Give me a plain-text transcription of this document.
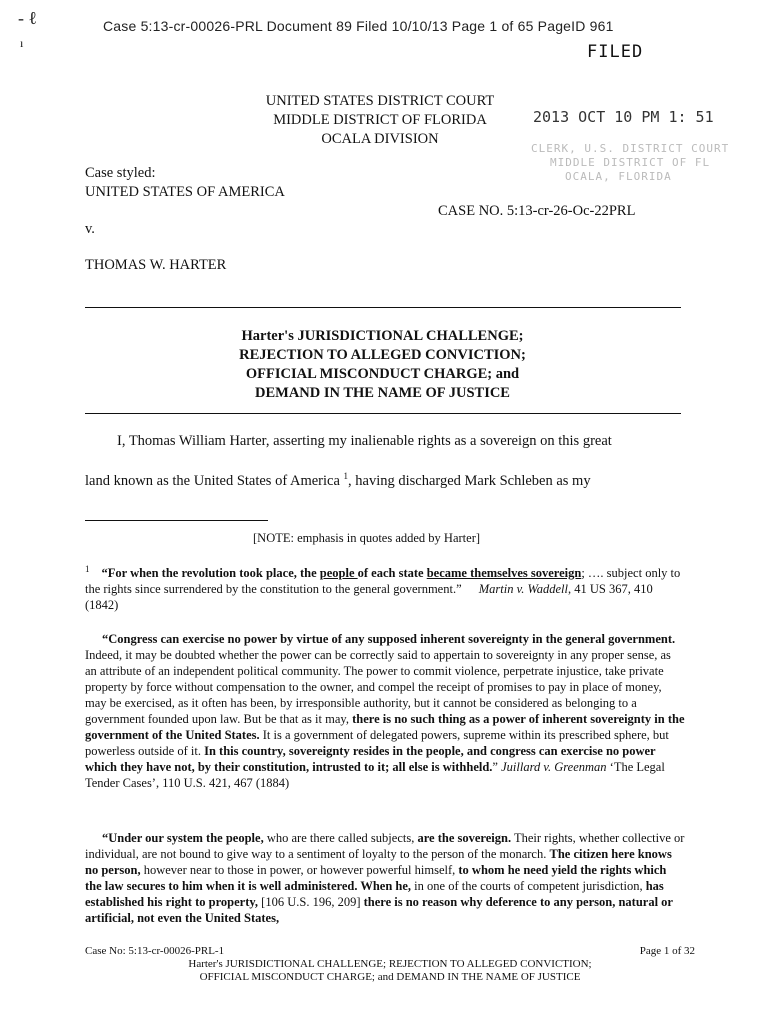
- ℓ
ı
Case 5:13-cr-00026-PRL Document 89 Filed 10/10/13 Page 1 of 65 PageID 961
FILED
2013 OCT 10 PM 1: 51
CLERK, U.S. DISTRICT COURT
MIDDLE DISTRICT OF FL
OCALA, FLORIDA
UNITED STATES DISTRICT COURT
MIDDLE DISTRICT OF FLORIDA
OCALA DIVISION
Case styled:
UNITED STATES OF AMERICA
CASE NO. 5:13-cr-26-Oc-22PRL
v.
THOMAS W. HARTER
Harter's JURISDICTIONAL CHALLENGE;
REJECTION TO ALLEGED CONVICTION;
OFFICIAL MISCONDUCT CHARGE; and
DEMAND IN THE NAME OF JUSTICE
I, Thomas William Harter, asserting my inalienable rights as a sovereign on this great
land known as the United States of America $^1$, having discharged Mark Schleben as my
[NOTE: emphasis in quotes added by Harter]
$^1$ “For when the revolution took place, the people of each state became themselves sovereign; …. subject only to the rights since surrendered by the constitution to the general government.” Martin v. Waddell, 41 US 367, 410 (1842)
“Congress can exercise no power by virtue of any supposed inherent sovereignty in the general government. Indeed, it may be doubted whether the power can be correctly said to appertain to sovereignty in any proper sense, as an attribute of an independent political community. The power to commit violence, perpetrate injustice, take private property by force without compensation to the owner, and compel the receipt of promises to pay in place of money, may be exercised, as it often has been, by irresponsible authority, but it cannot be considered as belonging to a government founded upon law. But be that as it may, there is no such thing as a power of inherent sovereignty in the government of the United States. It is a government of delegated powers, supreme within its prescribed sphere, but powerless outside of it. In this country, sovereignty resides in the people, and congress can exercise no power which they have not, by their constitution, intrusted to it; all else is withheld.” Juillard v. Greenman ‘The Legal Tender Cases’, 110 U.S. 421, 467 (1884)
“Under our system the people, who are there called subjects, are the sovereign. Their rights, whether collective or individual, are not bound to give way to a sentiment of loyalty to the person of the monarch. The citizen here knows no person, however near to those in power, or however powerful himself, to whom he need yield the rights which the law secures to him when it is well administered. When he, in one of the courts of competent jurisdiction, has established his right to property, [106 U.S. 196, 209] there is no reason why deference to any person, natural or artificial, not even the United States,
Case No: 5:13-cr-00026-PRL-1	Page 1 of 32
Harter's JURISDICTIONAL CHALLENGE; REJECTION TO ALLEGED CONVICTION;
OFFICIAL MISCONDUCT CHARGE; and DEMAND IN THE NAME OF JUSTICE
